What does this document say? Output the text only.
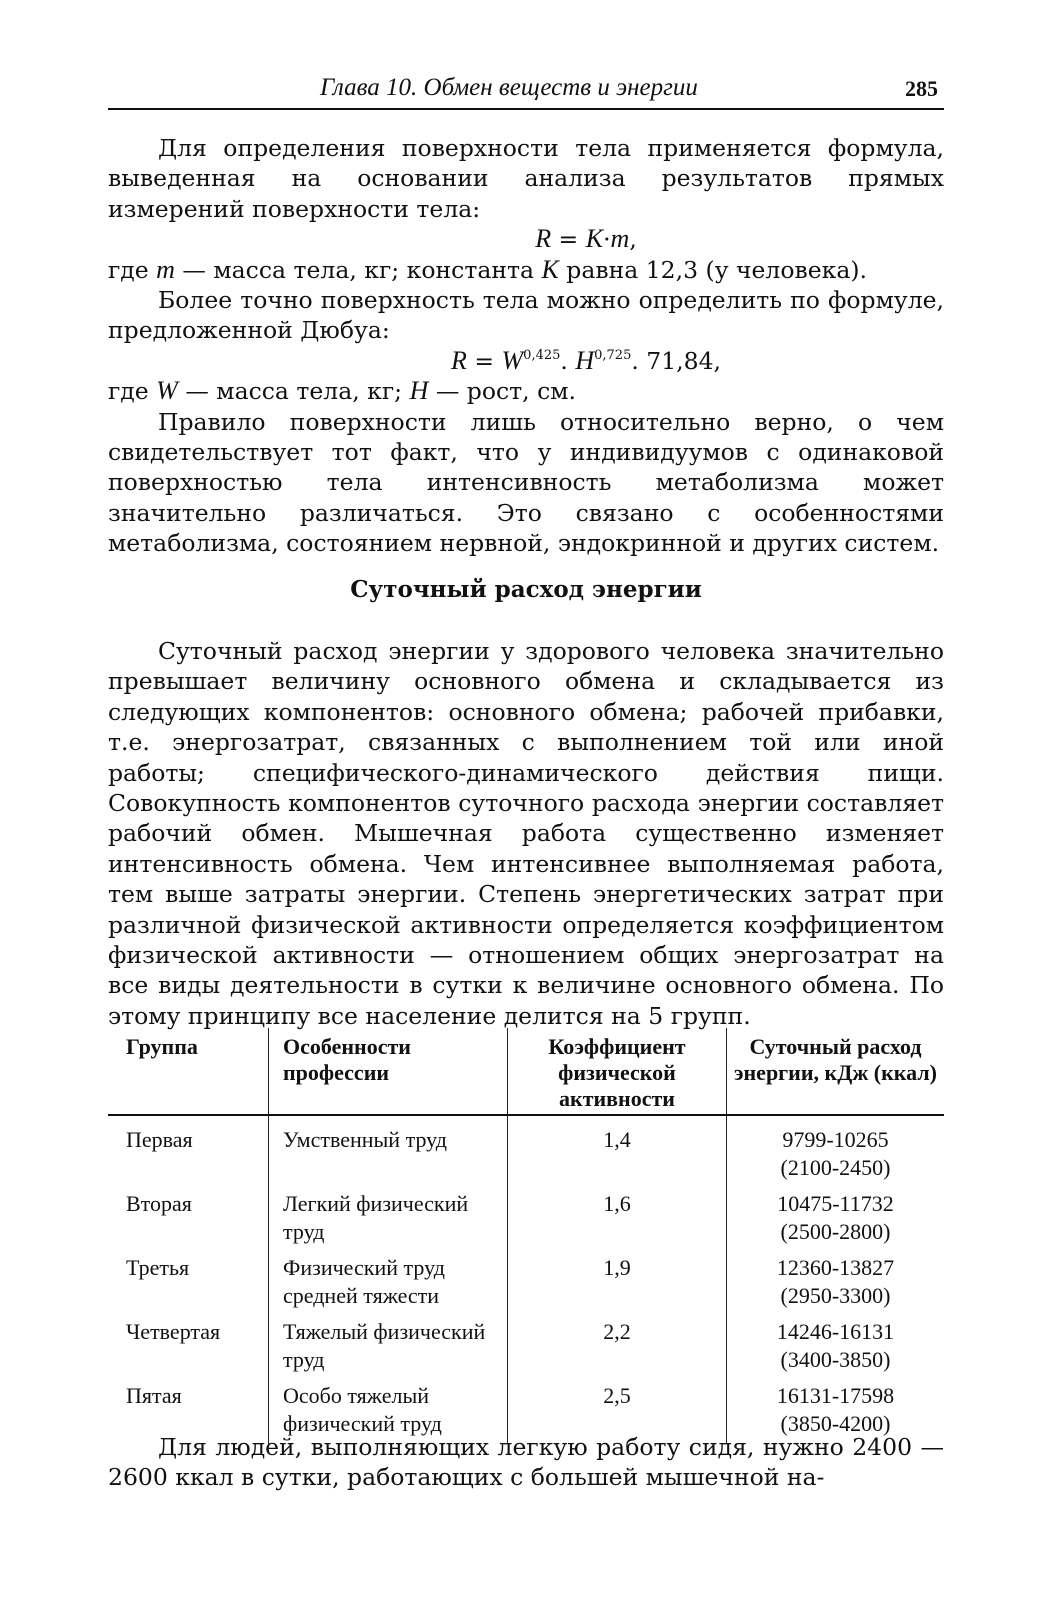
Глава 10. Обмен веществ и энергии	285

Для определения поверхности тела применяется формула, выведенная на основании анализа результатов прямых измерений поверхности тела:

R = K·m,

где m — масса тела, кг; константа K равна 12,3 (у человека).

Более точно поверхность тела можно определить по формуле, предложенной Дюбуа:

R = W$^{0,425}$. H$^{0,725}$. 71,84,

где W — масса тела, кг; H — рост, см.

Правило поверхности лишь относительно верно, о чем свидетельствует тот факт, что у индивидуумов с одинаковой поверхностью тела интенсивность метаболизма может значительно различаться. Это связано с особенностями метаболизма, состоянием нервной, эндокринной и других систем.

Суточный расход энергии

Суточный расход энергии у здорового человека значительно превышает величину основного обмена и складывается из следующих компонентов: основного обмена; рабочей прибавки, т.е. энергозатрат, связанных с выполнением той или иной работы; специфического-динамического действия пищи. Совокупность компонентов суточного расхода энергии составляет рабочий обмен. Мышечная работа существенно изменяет интенсивность обмена. Чем интенсивнее выполняемая работа, тем выше затраты энергии. Степень энергетических затрат при различной физической активности определяется коэффициентом физической активности — отношением общих энергозатрат на все виды деятельности в сутки к величине основного обмена. По этому принципу все население делится на 5 групп.

Группа	Особенности профессии	Коэффициент физической активности	Суточный расход энергии, кДж (ккал)
Первая	Умственный труд	1,4	9799-10265
(2100-2450)

Вторая	Легкий физический труд	1,6	10475-11732
(2500-2800)

Третья	Физический труд средней тяжести	1,9	12360-13827
(2950-3300)

Четвертая	Тяжелый физический труд	2,2	14246-16131
(3400-3850)

Пятая	Особо тяжелый физический труд	2,5	16131-17598
(3850-4200)

Для людей, выполняющих легкую работу сидя, нужно 2400 — 2600 ккал в сутки, работающих с большей мышечной на-
